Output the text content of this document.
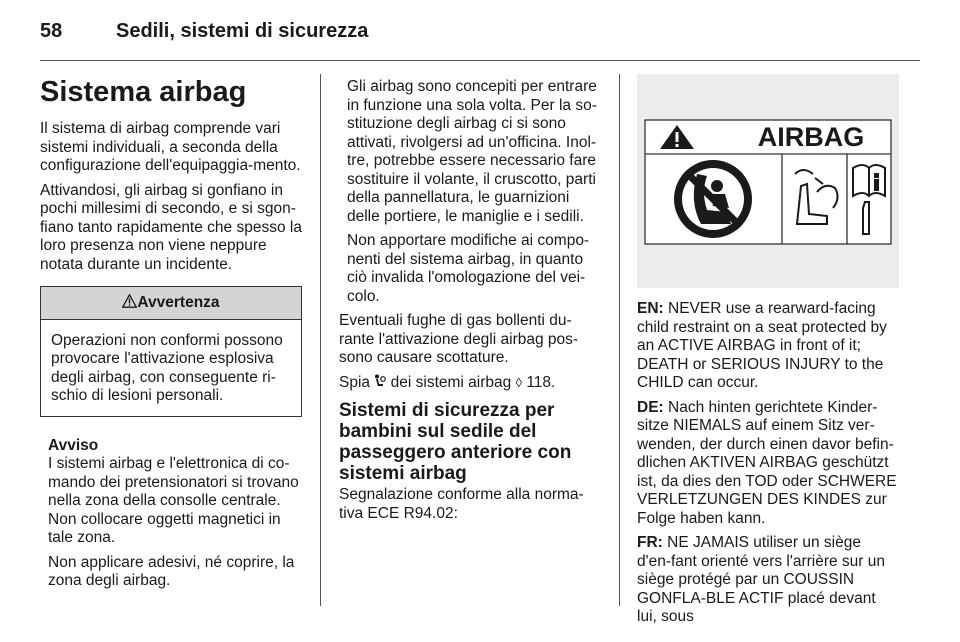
58	Sedili, sistemi di sicurezza
Sistema airbag

Il sistema di airbag comprende vari sistemi individuali, a seconda della configurazione dell'equipaggia-mento.

Attivandosi, gli airbag si gonfiano in pochi millesimi di secondo, e si sgon-fiano tanto rapidamente che spesso la loro presenza non viene neppure notata durante un incidente.

Avvertenza
Operazioni non conformi possono provocare l'attivazione esplosiva degli airbag, con conseguente ri-schio di lesioni personali.
Avviso

I sistemi airbag e l'elettronica di co-mando dei pretensionatori si trovano nella zona della consolle centrale. Non collocare oggetti magnetici in tale zona.

Non applicare adesivi, né coprire, la zona degli airbag.

Gli airbag sono concepiti per entrare in funzione una sola volta. Per la so-stituzione degli airbag ci si sono attivati, rivolgersi ad un'officina. Inol-tre, potrebbe essere necessario fare sostituire il volante, il cruscotto, parti della pannellatura, le guarnizioni delle portiere, le maniglie e i sedili.

Non apportare modifiche ai compo-nenti del sistema airbag, in quanto ciò invalida l'omologazione del vei-colo.

Eventuali fughe di gas bollenti du-rante l'attivazione degli airbag pos-sono causare scottature.

Spia dei sistemi airbag ◊ 118.

Sistemi di sicurezza per bambini sul sedile del passeggero anteriore con sistemi airbag

Segnalazione conforme alla norma-tiva ECE R94.02:

AIRBAG

EN: NEVER use a rearward-facing child restraint on a seat protected by an ACTIVE AIRBAG in front of it; DEATH or SERIOUS INJURY to the CHILD can occur.

DE: Nach hinten gerichtete Kinder-sitze NIEMALS auf einem Sitz ver-wenden, der durch einen davor befin-dlichen AKTIVEN AIRBAG geschützt ist, da dies den TOD oder SCHWERE VERLETZUNGEN DES KINDES zur Folge haben kann.

FR: NE JAMAIS utiliser un siège d'en-fant orienté vers l'arrière sur un siège protégé par un COUSSIN GONFLA-BLE ACTIF placé devant lui, sous
